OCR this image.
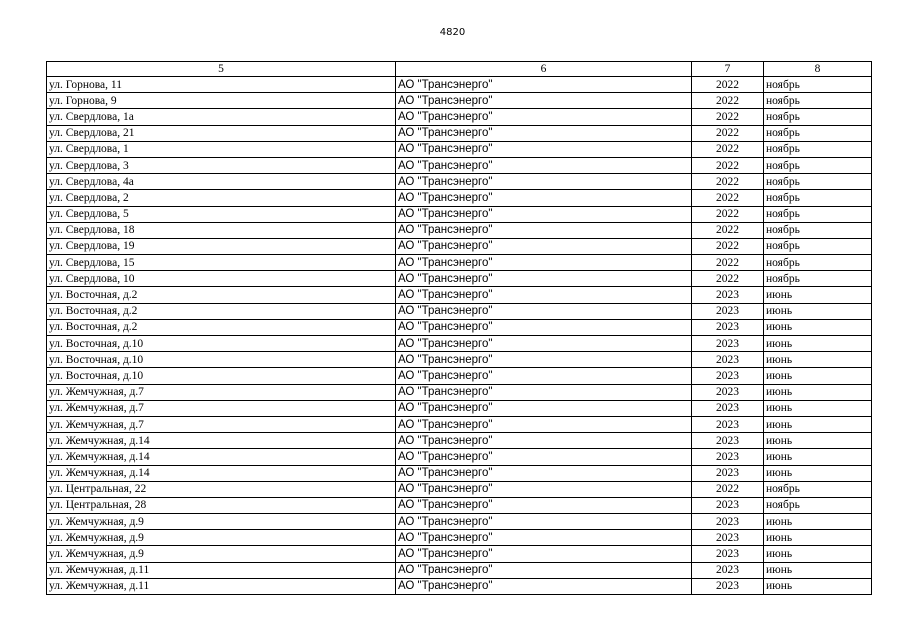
4820
5	6	7	8
ул. Горнова, 11	АО "Трансэнерго"	2022	ноябрь
ул. Горнова, 9	АО "Трансэнерго"	2022	ноябрь
ул. Свердлова, 1а	АО "Трансэнерго"	2022	ноябрь
ул. Свердлова, 21	АО "Трансэнерго"	2022	ноябрь
ул. Свердлова, 1	АО "Трансэнерго"	2022	ноябрь
ул. Свердлова, 3	АО "Трансэнерго"	2022	ноябрь
ул. Свердлова, 4а	АО "Трансэнерго"	2022	ноябрь
ул. Свердлова, 2	АО "Трансэнерго"	2022	ноябрь
ул. Свердлова, 5	АО "Трансэнерго"	2022	ноябрь
ул. Свердлова, 18	АО "Трансэнерго"	2022	ноябрь
ул. Свердлова, 19	АО "Трансэнерго"	2022	ноябрь
ул. Свердлова, 15	АО "Трансэнерго"	2022	ноябрь
ул. Свердлова, 10	АО "Трансэнерго"	2022	ноябрь
ул. Восточная, д.2	АО "Трансэнерго"	2023	июнь
ул. Восточная, д.2	АО "Трансэнерго"	2023	июнь
ул. Восточная, д.2	АО "Трансэнерго"	2023	июнь
ул. Восточная, д.10	АО "Трансэнерго"	2023	июнь
ул. Восточная, д.10	АО "Трансэнерго"	2023	июнь
ул. Восточная, д.10	АО "Трансэнерго"	2023	июнь
ул. Жемчужная, д.7	АО "Трансэнерго"	2023	июнь
ул. Жемчужная, д.7	АО "Трансэнерго"	2023	июнь
ул. Жемчужная, д.7	АО "Трансэнерго"	2023	июнь
ул. Жемчужная, д.14	АО "Трансэнерго"	2023	июнь
ул. Жемчужная, д.14	АО "Трансэнерго"	2023	июнь
ул. Жемчужная, д.14	АО "Трансэнерго"	2023	июнь
ул. Центральная, 22	АО "Трансэнерго"	2022	ноябрь
ул. Центральная, 28	АО "Трансэнерго"	2023	ноябрь
ул. Жемчужная, д.9	АО "Трансэнерго"	2023	июнь
ул. Жемчужная, д.9	АО "Трансэнерго"	2023	июнь
ул. Жемчужная, д.9	АО "Трансэнерго"	2023	июнь
ул. Жемчужная, д.11	АО "Трансэнерго"	2023	июнь
ул. Жемчужная, д.11	АО "Трансэнерго"	2023	июнь
